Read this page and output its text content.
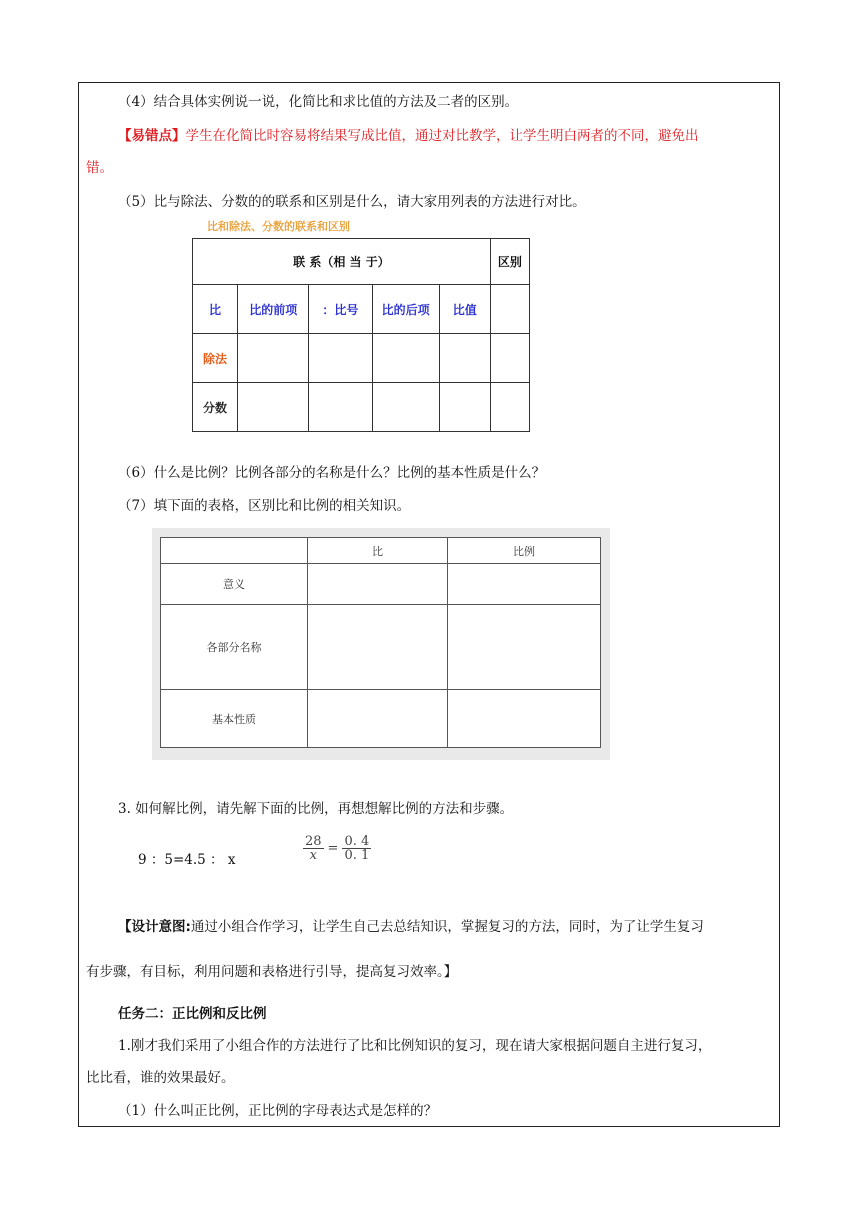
（4）结合具体实例说一说，化简比和求比值的方法及二者的区别。
【易错点】学生在化简比时容易将结果写成比值，通过对比教学，让学生明白两者的不同，避免出
错。
（5）比与除法、分数的的联系和区别是什么，请大家用列表的方法进行对比。
比和除法、分数的联系和区别
联 系（相 当 于）					区别
比	比的前项	：比号	比的后项	比值	
除法					
分数					
（6）什么是比例？比例各部分的名称是什么？比例的基本性质是什么？
（7）填下面的表格，区别比和比例的相关知识。
	比	比例
意义		
各部分名称		
基本性质		
3. 如何解比例，请先解下面的比例，再想想解比例的方法和步骤。
9 ：5=4.5 ： x	$\frac{28}{x} = \frac{0. 4}{0. 1}$
【设计意图:通过小组合作学习，让学生自己去总结知识，掌握复习的方法，同时，为了让学生复习
有步骤，有目标，利用问题和表格进行引导，提高复习效率。】
任务二：正比例和反比例
1.刚才我们采用了小组合作的方法进行了比和比例知识的复习，现在请大家根据问题自主进行复习，
比比看，谁的效果最好。
（1）什么叫正比例，正比例的字母表达式是怎样的？
